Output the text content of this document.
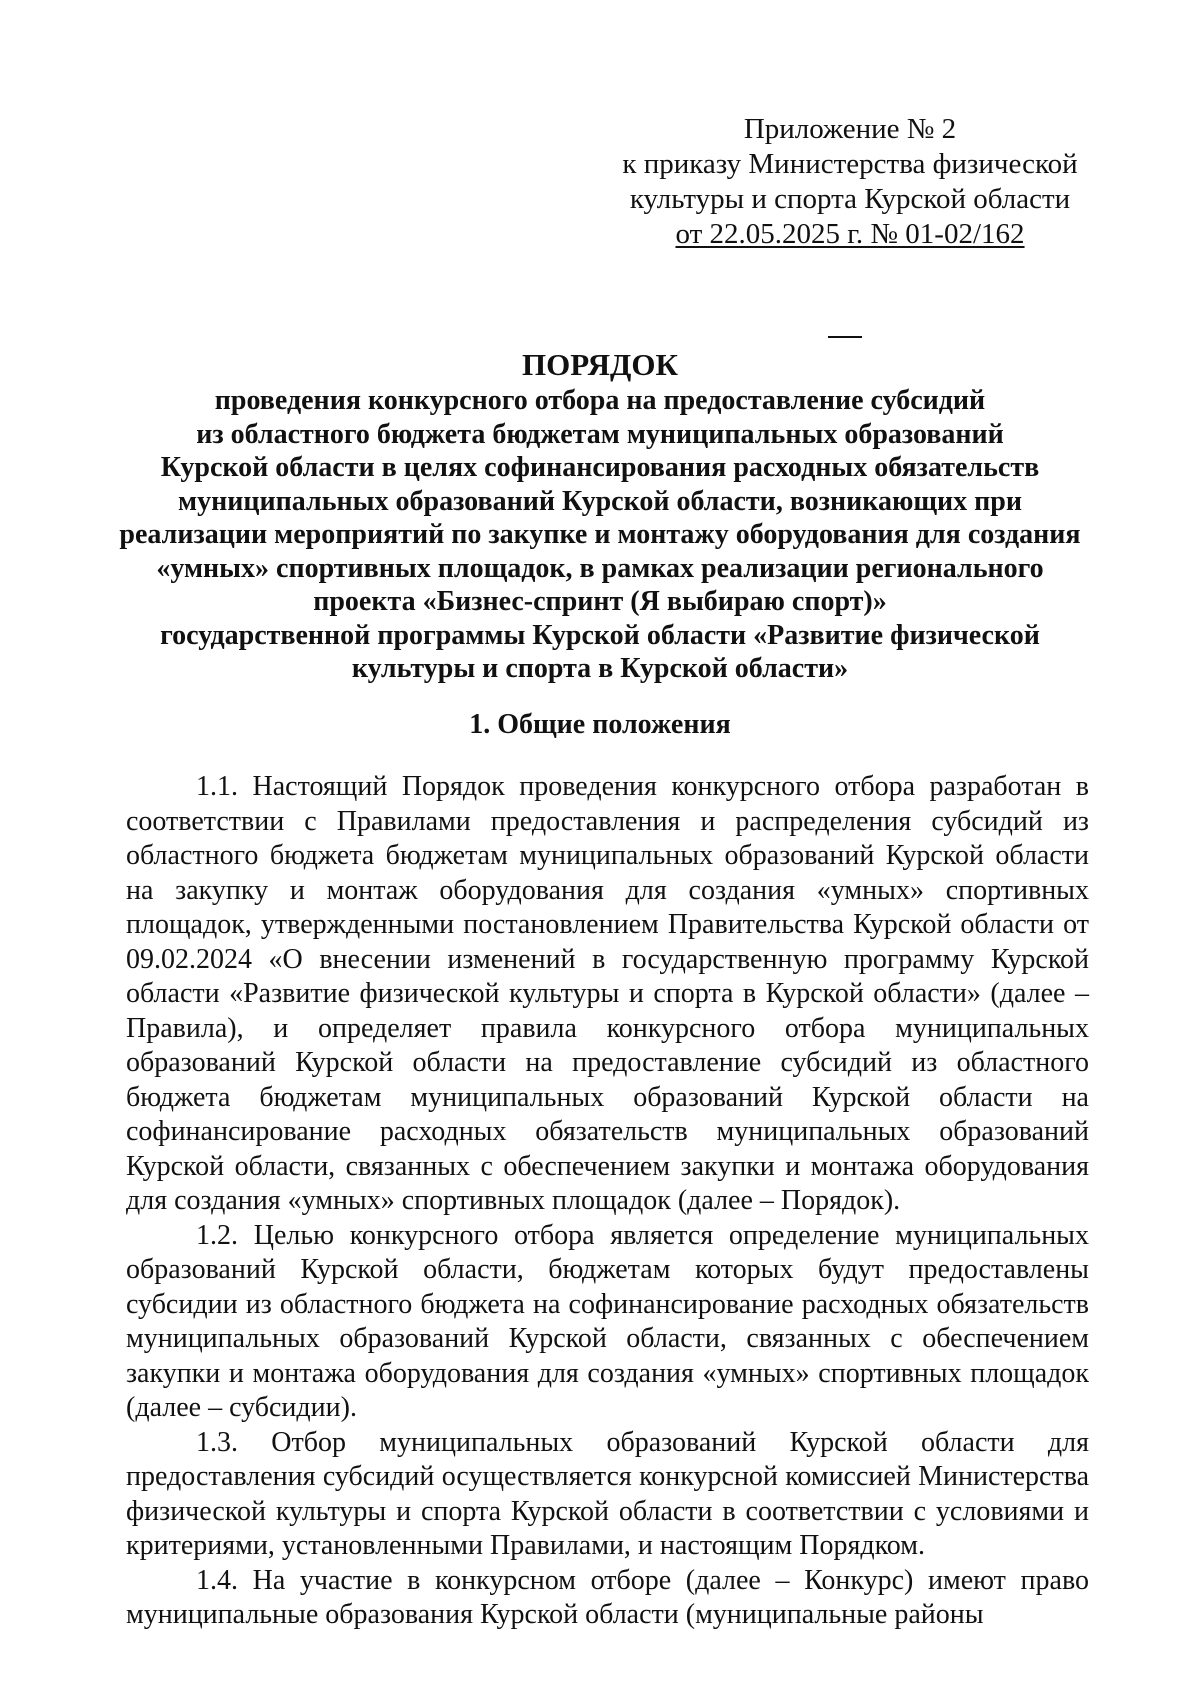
Приложение № 2
к приказу Министерства физической
культуры и спорта Курской области
от 22.05.2025 г. № 01-02/162
ПОРЯДОК
проведения конкурсного отбора на предоставление субсидий
из областного бюджета бюджетам муниципальных образований
Курской области в целях софинансирования расходных обязательств
муниципальных образований Курской области, возникающих при
реализации мероприятий по закупке и монтажу оборудования для создания
«умных» спортивных площадок, в рамках реализации регионального
проекта «Бизнес-спринт (Я выбираю спорт)»
государственной программы Курской области «Развитие физической
культуры и спорта в Курской области»
1. Общие положения

1.1. Настоящий Порядок проведения конкурсного отбора разработан в соответствии с Правилами предоставления и распределения субсидий из областного бюджета бюджетам муниципальных образований Курской области на закупку и монтаж оборудования для создания «умных» спортивных площадок, утвержденными постановлением Правительства Курской области от 09.02.2024 «О внесении изменений в государственную программу Курской области «Развитие физической культуры и спорта в Курской области» (далее – Правила), и определяет правила конкурсного отбора муниципальных образований Курской области на предоставление субсидий из областного бюджета бюджетам муниципальных образований Курской области на софинансирование расходных обязательств муниципальных образований Курской области, связанных с обеспечением закупки и монтажа оборудования для создания «умных» спортивных площадок (далее – Порядок).

1.2. Целью конкурсного отбора является определение муниципальных образований Курской области, бюджетам которых будут предоставлены субсидии из областного бюджета на софинансирование расходных обязательств муниципальных образований Курской области, связанных с обеспечением закупки и монтажа оборудования для создания «умных» спортивных площадок (далее – субсидии).

1.3. Отбор муниципальных образований Курской области для предоставления субсидий осуществляется конкурсной комиссией Министерства физической культуры и спорта Курской области в соответствии с условиями и критериями, установленными Правилами, и настоящим Порядком.

1.4. На участие в конкурсном отборе (далее – Конкурс) имеют право муниципальные образования Курской области (муниципальные районы
